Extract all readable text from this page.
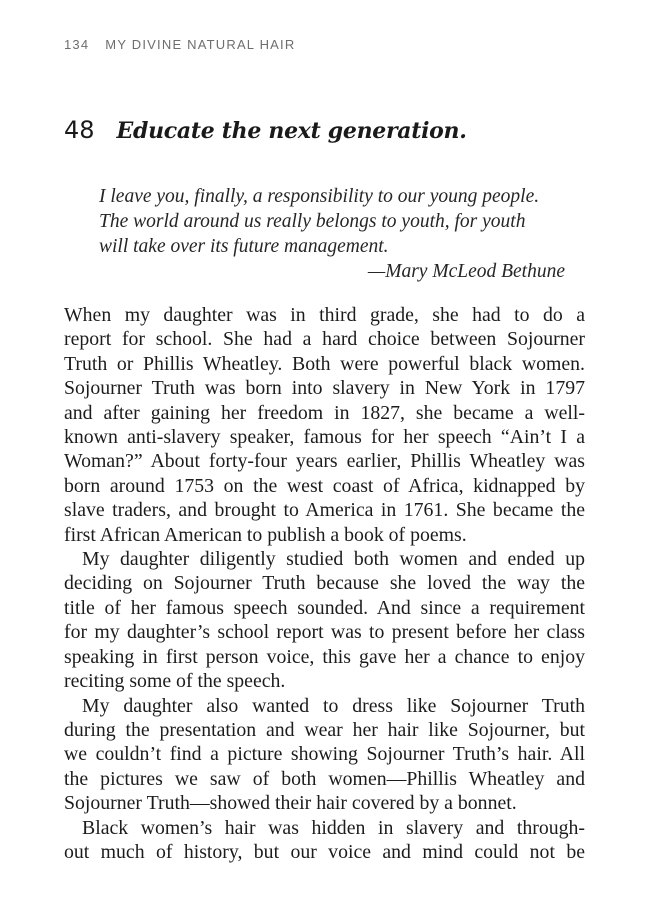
134 MY DIVINE NATURAL HAIR
48 Educate the next generation.
I leave you, finally, a responsibility to our young people.
The world around us really belongs to youth, for youth
will take over its future management.
—Mary McLeod Bethune

When my daughter was in third grade, she had to do a
report for school. She had a hard choice between Sojourner
Truth or Phillis Wheatley. Both were powerful black women.
Sojourner Truth was born into slavery in New York in 1797
and after gaining her freedom in 1827, she became a well-
known anti-slavery speaker, famous for her speech “Ain’t I a
Woman?” About forty-four years earlier, Phillis Wheatley was
born around 1753 on the west coast of Africa, kidnapped by
slave traders, and brought to America in 1761. She became the
first African American to publish a book of poems.

My daughter diligently studied both women and ended up
deciding on Sojourner Truth because she loved the way the
title of her famous speech sounded. And since a requirement
for my daughter’s school report was to present before her class
speaking in first person voice, this gave her a chance to enjoy
reciting some of the speech.

My daughter also wanted to dress like Sojourner Truth
during the presentation and wear her hair like Sojourner, but
we couldn’t find a picture showing Sojourner Truth’s hair. All
the pictures we saw of both women—Phillis Wheatley and
Sojourner Truth—showed their hair covered by a bonnet.

Black women’s hair was hidden in slavery and through-
out much of history, but our voice and mind could not be
